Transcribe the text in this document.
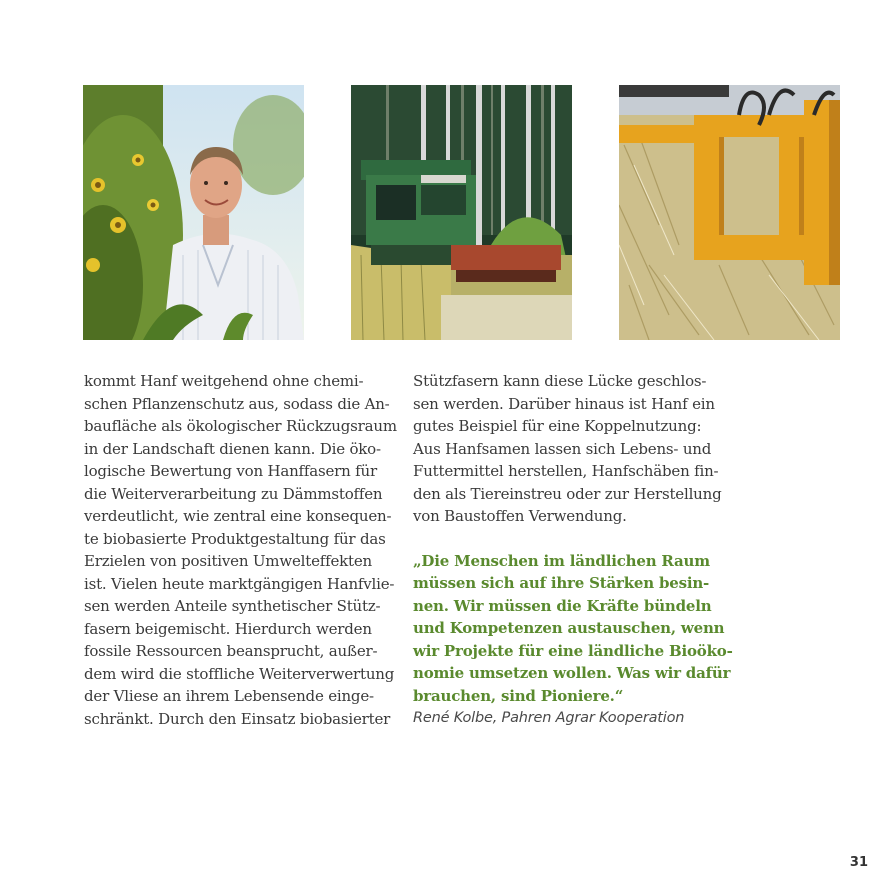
kommt Hanf weitgehend ohne chemi-
schen Pflanzenschutz aus, sodass die An-
baufläche als ökologischer Rückzugsraum
in der Landschaft dienen kann. Die öko-
logische Bewertung von Hanffasern für
die Weiterverarbeitung zu Dämmstoffen
verdeutlicht, wie zentral eine konsequen-
te biobasierte Produktgestaltung für das
Erzielen von positiven Umwelteffekten
ist. Vielen heute marktgängigen Hanfvlie-
sen werden Anteile synthetischer Stütz-
fasern beigemischt. Hierdurch werden
fossile Ressourcen beansprucht, außer-
dem wird die stoffliche Weiterverwertung
der Vliese an ihrem Lebensende einge-
schränkt. Durch den Einsatz biobasierter
Stützfasern kann diese Lücke geschlos-
sen werden. Darüber hinaus ist Hanf ein
gutes Beispiel für eine Koppelnutzung:
Aus Hanfsamen lassen sich Lebens- und
Futtermittel herstellen, Hanfschäben fin-
den als Tiereinstreu oder zur Herstellung
von Baustoffen Verwendung.
„Die Menschen im ländlichen Raum
müssen sich auf ihre Stärken besin-
nen. Wir müssen die Kräfte bündeln
und Kompetenzen austauschen, wenn
wir Projekte für eine ländliche Bioöko-
nomie umsetzen wollen. Was wir dafür
brauchen, sind Pioniere.“
René Kolbe, Pahren Agrar Kooperation
31
